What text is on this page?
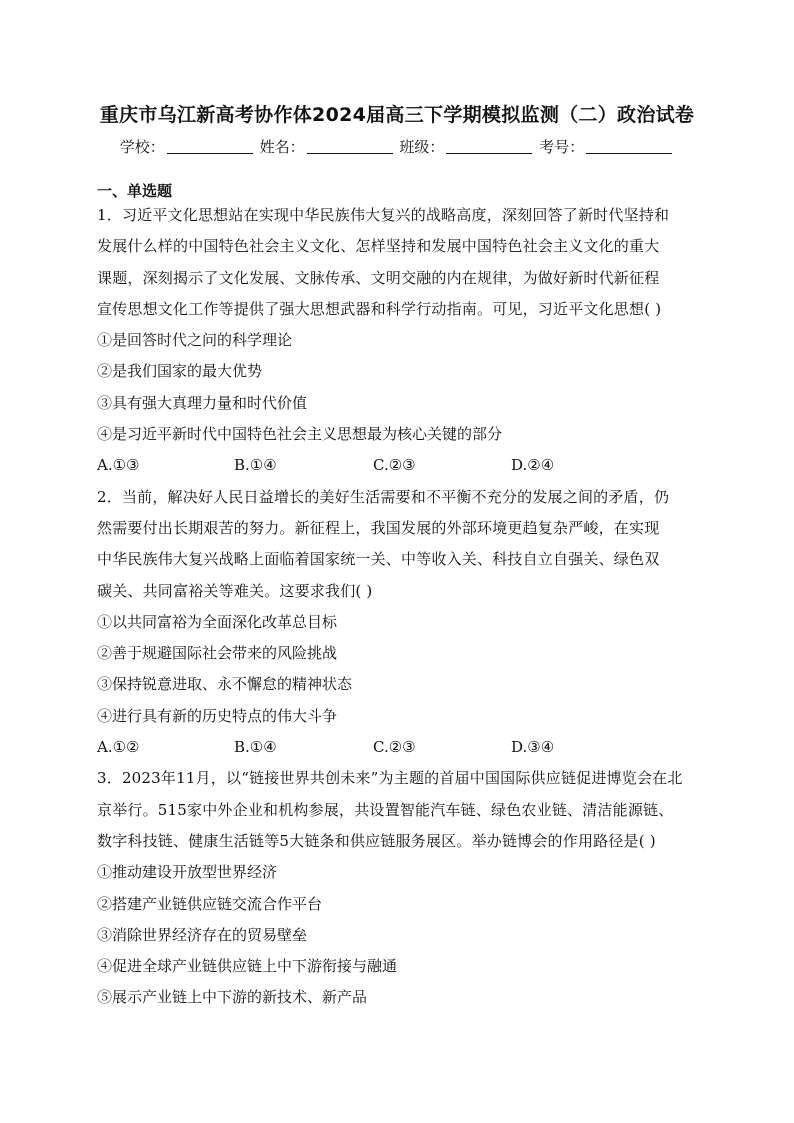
重庆市乌江新高考协作体2024届高三下学期模拟监测（二）政治试卷
学校：	姓名：	班级：	考号：
一、单选题
1．习近平文化思想站在实现中华民族伟大复兴的战略高度，深刻回答了新时代坚持和
发展什么样的中国特色社会主义文化、怎样坚持和发展中国特色社会主义文化的重大
课题，深刻揭示了文化发展、文脉传承、文明交融的内在规律，为做好新时代新征程
宣传思想文化工作等提供了强大思想武器和科学行动指南。可见，习近平文化思想( )
①是回答时代之问的科学理论
②是我们国家的最大优势
③具有强大真理力量和时代价值
④是习近平新时代中国特色社会主义思想最为核心关键的部分
A.①③	B.①④	C.②③	D.②④
2．当前，解决好人民日益增长的美好生活需要和不平衡不充分的发展之间的矛盾，仍
然需要付出长期艰苦的努力。新征程上，我国发展的外部环境更趋复杂严峻，在实现
中华民族伟大复兴战略上面临着国家统一关、中等收入关、科技自立自强关、绿色双
碳关、共同富裕关等难关。这要求我们( )
①以共同富裕为全面深化改革总目标
②善于规避国际社会带来的风险挑战
③保持锐意进取、永不懈怠的精神状态
④进行具有新的历史特点的伟大斗争
A.①②	B.①④	C.②③	D.③④
3．2023年11月，以“链接世界共创未来”为主题的首届中国国际供应链促进博览会在北
京举行。515家中外企业和机构参展，共设置智能汽车链、绿色农业链、清洁能源链、
数字科技链、健康生活链等5大链条和供应链服务展区。举办链博会的作用路径是( )
①推动建设开放型世界经济
②搭建产业链供应链交流合作平台
③消除世界经济存在的贸易壁垒
④促进全球产业链供应链上中下游衔接与融通
⑤展示产业链上中下游的新技术、新产品
